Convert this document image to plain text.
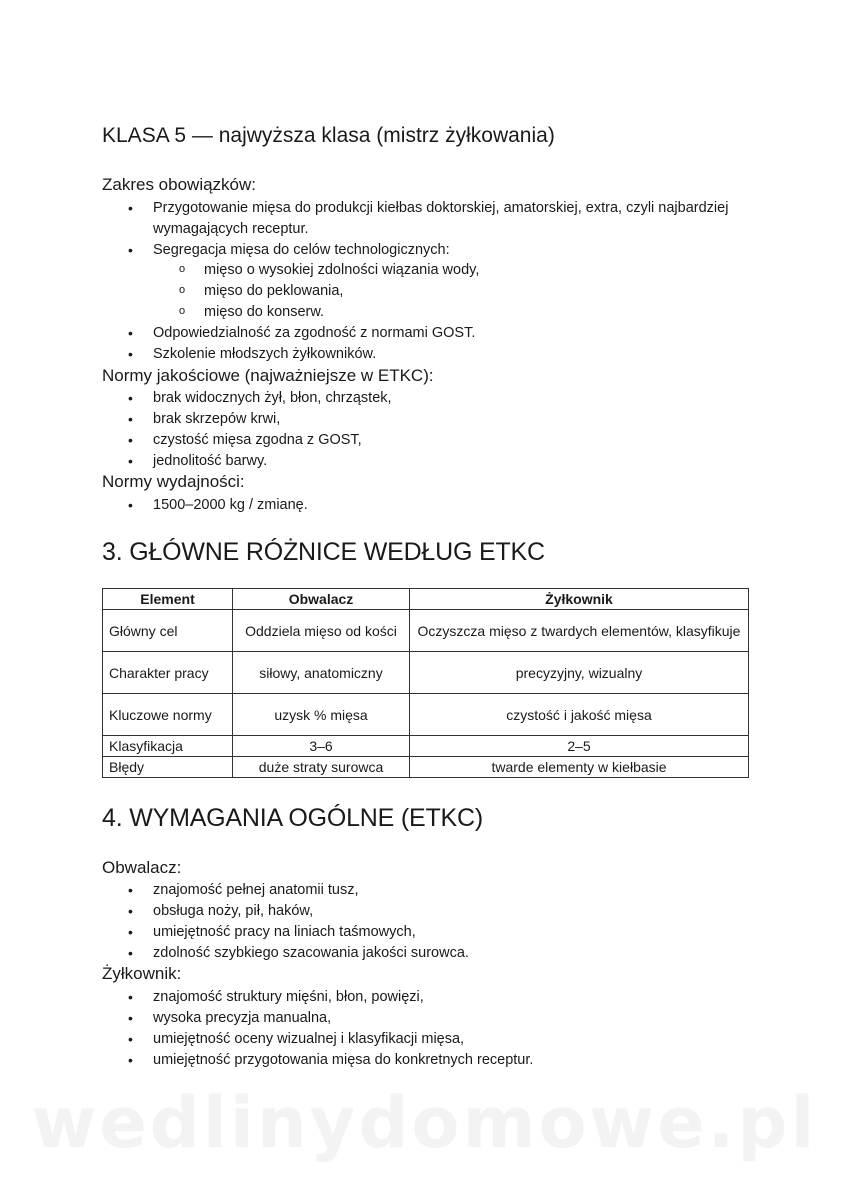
KLASA 5 — najwyższa klasa (mistrz żyłkowania)
Zakres obowiązków:
• Przygotowanie mięsa do produkcji kiełbas doktorskiej, amatorskiej, extra, czyli najbardziej wymagających receptur.
• Segregacja mięsa do celów technologicznych:
o mięso o wysokiej zdolności wiązania wody,
o mięso do peklowania,
o mięso do konserw.
• Odpowiedzialność za zgodność z normami GOST.
• Szkolenie młodszych żyłkowników.
Normy jakościowe (najważniejsze w ETKC):
• brak widocznych żył, błon, chrząstek,
• brak skrzepów krwi,
• czystość mięsa zgodna z GOST,
• jednolitość barwy.
Normy wydajności:
• 1500–2000 kg / zmianę.
3. GŁÓWNE RÓŻNICE WEDŁUG ETKC
Element	Obwalacz	Żyłkownik
Główny cel	Oddziela mięso od kości	Oczyszcza mięso z twardych elementów, klasyfikuje
Charakter pracy	siłowy, anatomiczny	precyzyjny, wizualny
Kluczowe normy	uzysk % mięsa	czystość i jakość mięsa
Klasyfikacja	3–6	2–5
Błędy	duże straty surowca	twarde elementy w kiełbasie
4. WYMAGANIA OGÓLNE (ETKC)
Obwalacz:
• znajomość pełnej anatomii tusz,
• obsługa noży, pił, haków,
• umiejętność pracy na liniach taśmowych,
• zdolność szybkiego szacowania jakości surowca.
Żyłkownik:
• znajomość struktury mięśni, błon, powięzi,
• wysoka precyzja manualna,
• umiejętność oceny wizualnej i klasyfikacji mięsa,
• umiejętność przygotowania mięsa do konkretnych receptur.
wedlinydomowe.pl
